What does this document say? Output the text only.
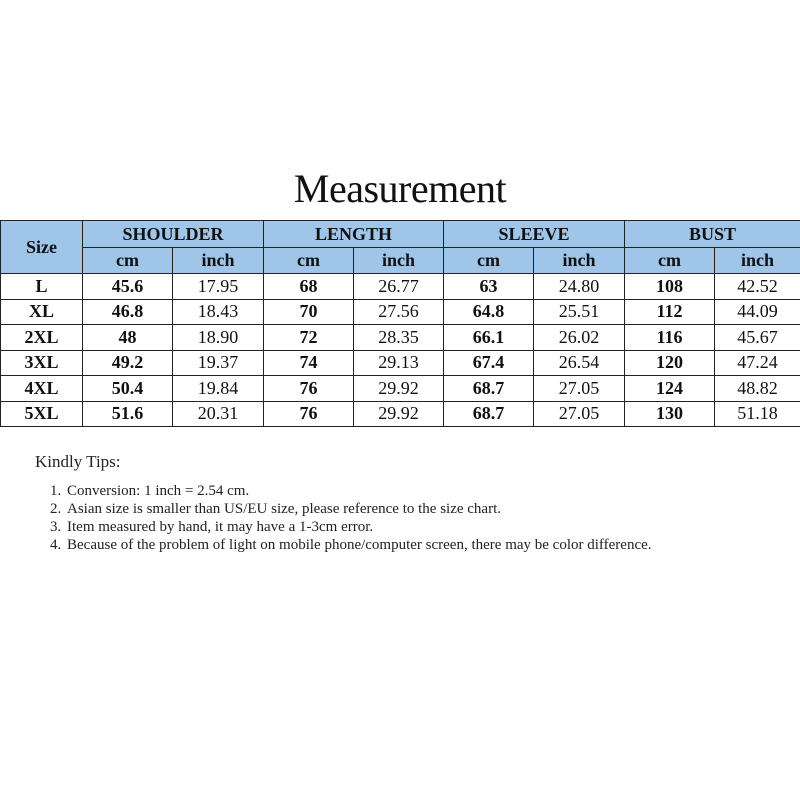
Measurement
Size	SHOULDER		LENGTH		SLEEVE		BUST	
	cm	inch	cm	inch	cm	inch	cm	inch
L	45.6	17.95	68	26.77	63	24.80	108	42.52
XL	46.8	18.43	70	27.56	64.8	25.51	112	44.09
2XL	48	18.90	72	28.35	66.1	26.02	116	45.67
3XL	49.2	19.37	74	29.13	67.4	26.54	120	47.24
4XL	50.4	19.84	76	29.92	68.7	27.05	124	48.82
5XL	51.6	20.31	76	29.92	68.7	27.05	130	51.18
Kindly Tips:
1. Conversion: 1 inch = 2.54 cm.
2. Asian size is smaller than US/EU size, please reference to the size chart.
3. Item measured by hand, it may have a 1-3cm error.
4. Because of the problem of light on mobile phone/computer screen, there may be color difference.
